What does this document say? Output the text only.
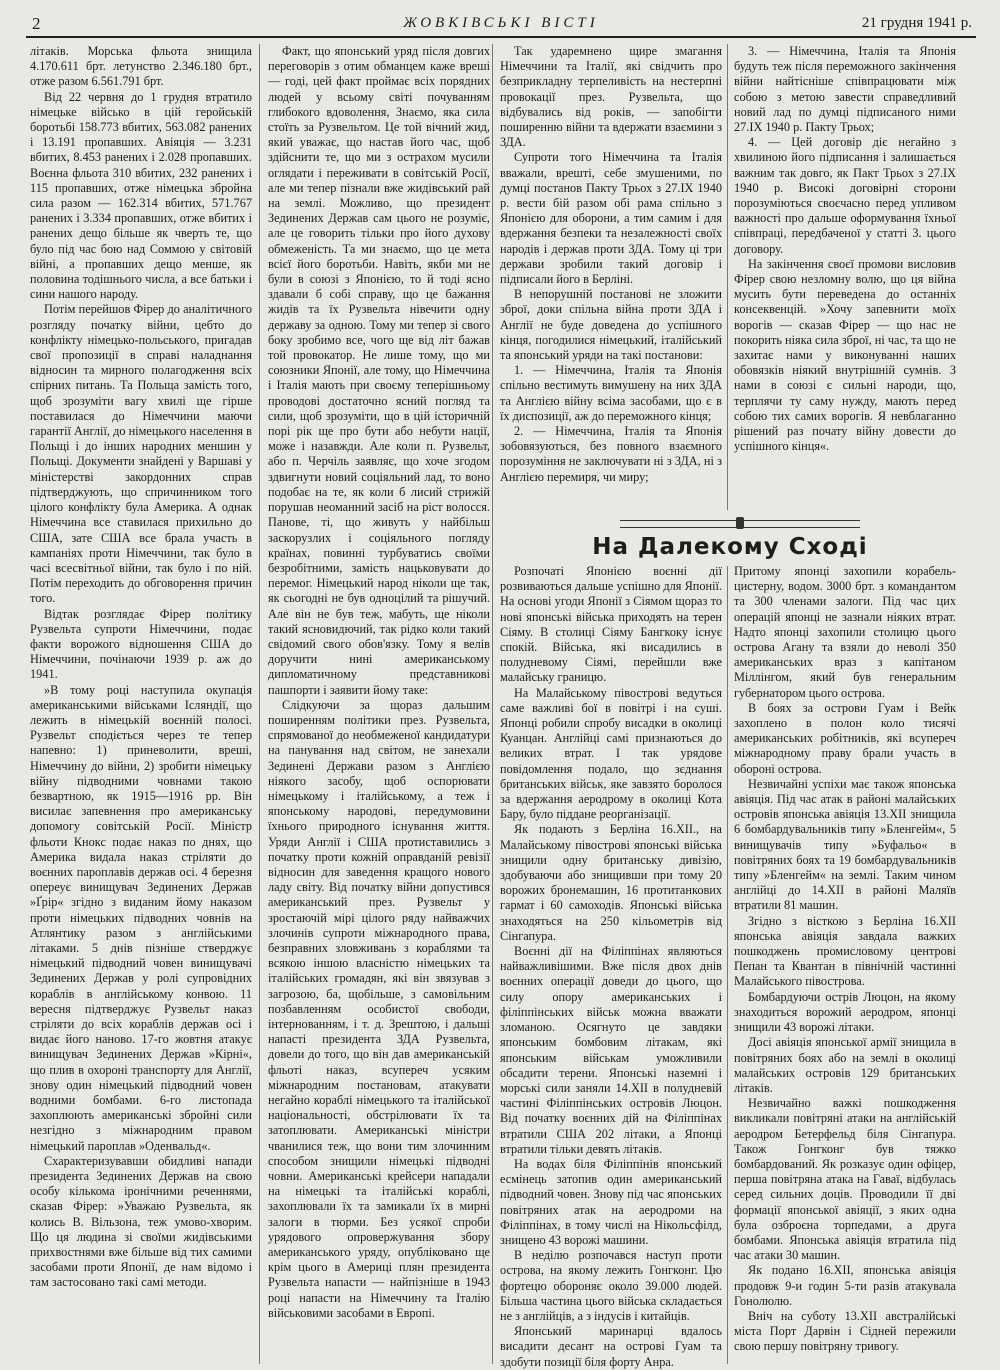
2	ЖОВКІВСЬКІ ВІСТІ	21 грудня 1941 р.

літаків. Морська фльота знищила 4.170.611 брт. летунство 2.346.180 брт., отже разом 6.561.791 брт.

Від 22 червня до 1 грудня втратило німецьке військо в цій геройській боротьбі 158.773 вбитих, 563.082 ранених і 13.191 пропавших. Авіяція — 3.231 вбитих, 8.453 ранених і 2.028 пропавших. Воєнна фльота 310 вбитих, 232 ранених і 115 пропавших, отже німецька збройна сила разом — 162.314 вбитих, 571.767 ранених і 3.334 пропавших, отже вбитих і ранених дещо більше як чверть те, що було під час бою над Соммою у світовій війні, а пропавших дещо менше, як половина тодішнього числа, а все батьки і сини нашого народу.

Потім перейшов Фірер до аналітичного розгляду початку війни, цебто до конфлікту німецько-польського, пригадав свої пропозиції в справі наладнання відносин та мирного полагодження всіх спірних питань. Та Польща замість того, щоб зрозуміти вагу хвилі ще гірше поставилася до Німеччини маючи гарантії Англії, до німецького населення в Польщі і до інших народних меншин у Польщі. Документи знайдені у Варшаві у міністерстві закордонних справ підтверджують, що спричинником того цілого конфлікту була Америка. А однак Німеччина все ставилася прихильно до США, зате США все брала участь в кампаніях проти Німеччини, так було в часі всесвітньої війни, так було і по ній. Потім переходить до обговорення причин того.

Відтак розглядає Фірер політику Рузвельта супроти Німеччини, подає факти ворожого відношення США до Німеччини, почінаючи 1939 р. аж до 1941.

»В тому році наступила окупація американськими військами Ісляндії, що лежить в німецькій воєнній полосі. Рузвельт сподіється через те тепер напевно: 1) приневолити, вреші, Німеччину до війни, 2) зробити німецьку війну підводними човнами такою безвартною, як 1915—1916 рр. Він висилає запевнення про американську допомогу совітській Росії. Міністр фльоти Кнокс подає наказ по днях, що Америка видала наказ стріляти до воєнних пароплавів держав осі. 4 березня опереує винищувач Зединених Держав »Ґрір« згідно з виданим йому наказом проти німецьких підводних човнів на Атлянтику разом з англійськими літаками. 5 днів пізніше стверджує німецький підводний човен винищувачі Зединених Держав у ролі супровідних кораблів в англійському конвою. 11 вересня підтверджує Рузвельт наказ стріляти до всіх кораблів держав осі і видає його наново. 17-го жовтня атакує винищувач Зединених Держав »Кірні«, що плив в охороні транспорту для Англії, знову один німецький підводний човен водними бомбами. 6-го листопада захоплюють американські збройні сили незгідно з міжнародним правом німецький пароплав »Оденвальд«.

Схарактеризувавши обидливі напади президента Зединених Держав на свою особу кількома іронічними реченнями, сказав Фірер: »Уважаю Рузвельта, як колись В. Вільзона, теж умово-хворим. Що ця людина зі своїми жидівськими прихвостнями вже більше від тих самими засобами проти Японії, де нам відомо і там застосовано такі самі методи.

Факт, що японський уряд після довгих переговорів з отим обманцем каже вреші — годі, цей факт проймає всіх порядних людей у всьому світі почуванням глибокого вдоволення, Знаємо, яка сила стоїть за Рузвельтом. Це той вічний жид, який уважає, що настав його час, щоб здійснити те, що ми з острахом мусили оглядати і переживати в совітській Росії, але ми тепер пізнали вже жидівський рай на землі. Можливо, що президент Зединених Держав сам цього не розуміє, але це говорить тільки про його духову обмеженість. Та ми знаємо, що це мета всієї його боротьби. Навіть, якби ми не були в союзі з Японією, то й тоді ясно здавали б собі справу, що це бажання жидів та їх Рузвельта нівечити одну державу за одною. Тому ми тепер зі свого боку зробимо все, чого ще від літ бажав той провокатор. Не лише тому, що ми союзники Японії, але тому, що Німеччина і Італія мають при своєму теперішньому проводові достаточно ясний погляд та сили, щоб зрозуміти, що в цій історичній порі рік ще про бути або небути нації, може і назавжди. Але коли п. Рузвельт, або п. Черчіль заявляє, що хоче згодом здвигнути новий соціяльний лад, то воно подобає на те, як коли б лисий стрижій порушав неоманний засіб на ріст волосся. Панове, ті, що живуть у найбільш заскорузлих і соціяльного погляду країнах, повинні турбуватись своїми безробітними, замість нацьковувати до перемог. Німецький народ ніколи ще так, як сьогодні не був одноцілий та рішучий. Але він не був теж, мабуть, ще ніколи такий ясновидючий, так рідко коли такий свідомий свого обов'язку. Тому я велів доручити нині американському дипломатичному представникові пашпорти і заявити йому таке:

Слідкуючи за щораз дальшим поширенням політики през. Рузвельта, спрямованої до необмеженої кандидатури на панування над світом, не занехали Зединені Держави разом з Англією ніякого засобу, щоб оспорювати німецькому і італійському, а теж і японському народові, передумовини їхнього природного існування життя. Уряди Англії і США протиставились з початку проти кожній оправданій ревізії відносин для заведення кращого нового ладу світу. Від початку війни допустився американський през. Рузвельт у зростаючій мірі цілого ряду найважчих злочинів супроти міжнародного права, безправних зловживань з кораблями та всякою іншою власністю німецьких та італійських громадян, які він звязував з загрозою, ба, щобільше, з самовільним позбавленням особистої свободи, інтернованням, і т. д. Зрештою, і дальші напасті президента ЗДА Рузвельта, довели до того, що він дав американській фльоті наказ, всупереч усяким міжнародним постановам, атакувати негайно кораблі німецького та італійської національності, обстрілювати їх та затоплювати. Американські міністри чванилися теж, що вони тим злочинним способом знищили німецькі підводні човни. Американські крейсери нападали на німецькі та італійські кораблі, захоплювали їх та замикали їх в мирні залоги в тюрми. Без усякої спроби урядового опровержування збору американського уряду, опубліковано ще крім цього в Америці плян президента Рузвельта напасти — найпізніше в 1943 році напасти на Німеччину та Італію військовими засобами в Европі.

Так ударемнено щире змагання Німеччини та Італії, які свідчить про безприкладну терпеливість на нестерпні провокації през. Рузвельта, що відбувались від років, — запобігти поширенню війни та вдержати взаємини з ЗДА.

Супроти того Німеччина та Італія вважали, врешті, себе змушеними, по думці постанов Пакту Трьох з 27.IX 1940 р. вести бій разом обі рама спільно з Японією для оборони, а тим самим і для вдержання безпеки та незалежності своїх народів і держав проти ЗДА. Тому ці три держави зробили такий договір і підписали його в Берліні.

В непорушній постанові не зложити зброї, доки спільна війна проти ЗДА і Англії не буде доведена до успішного кінця, погодилися німецький, італійський та японський уряди на такі постанови:

1. — Німеччина, Італія та Японія спільно вестимуть вимушену на них ЗДА та Англією війну всіма засобами, що є в їх диспозиції, аж до переможного кінця;

2. — Німеччина, Італія та Японія зобовязуються, без повного взаємного порозуміння не заключувати ні з ЗДА, ні з Англією перемиря, чи миру;

3. — Німеччина, Італія та Японія будуть теж після переможного закінчення війни найтісніше співпрацювати між собою з метою завести справедливий новий лад по думці підписаного ними 27.IX 1940 р. Пакту Трьох;

4. — Цей договір діє негайно з хвилиною його підписання і залишається важним так довго, як Пакт Трьох з 27.IX 1940 р. Високі договірні сторони порозуміються своєчасно перед упливом важності про дальше оформування їхньої співпраці, передбаченої у статті 3. цього договору.

На закінчення своєї промови висловив Фірер свою незломну волю, що ця війна мусить бути переведена до останніх консеквенцій. »Хочу запевнити моїх ворогів — сказав Фірер — що нас не покорить ніяка сила зброї, ні час, та що не захитає нами у виконуванні наших обовязків ніякий внутрішній сумнів. З нами в союзі є сильні народи, що, терплячи ту саму нужду, мають перед собою тих самих ворогів. Я невблаганно рішений раз почату війну довести до успішного кінця«.

На Далекому Сході

Розпочаті Японією воєнні дії розвиваються дальше успішно для Японії. На основі угоди Японії з Сіямом щораз то нові японські війська приходять на терен Сіяму. В столиці Сіяму Бангкоку існує спокій. Війська, які висадились в полудневому Сіямі, перейшли вже малайську границю.

На Малайському півострові ведуться саме важливі бої в повітрі і на суші. Японці робили спробу висадки в околиці Куанцан. Англійці самі признаються до великих втрат. І так урядове повідомлення подало, що зєднання британських військ, яке завзято боролося за вдержання аеродрому в околиці Кота Бару, було піддане реорганізації.

Як подають з Берліна 16.XII., на Малайському півострові японські війська знищили одну британську дивізію, здобуваючи або знищивши при тому 20 ворожих бронемашин, 16 протитанкових гармат і 60 самоходів. Японські війська знаходяться на 250 кільометрів від Сінгапура.

Воєнні дії на Філіппінах являються найважливішими. Вже після двох днів воєнних операції доведи до цього, що силу опору американських і філіппінських військ можна вважати зломаною. Осягнуто це завдяки японським бомбовим літакам, які японським військам уможливили обсадити терени. Японські наземні і морські сили заняли 14.XII в полудневій частині Філіппінських островів Люцон. Від початку воєнних дій на Філіппінах втратили США 202 літаки, а Японці втратили тільки девять літаків.

На водах біля Філіппінів японський есмінець затопив один американський підводний човен. Знову під час японських повітряних атак на аеродроми на Філіппінах, в тому числі на Нікольсфілд, знищено 43 ворожі машини.

В неділю розпочався наступ проти острова, на якому лежить Гонгконг. Цю фортецю обороняє около 39.000 людей. Більша частина цього війська складається не з англійців, а з індусів і китайців.

Японський маринарці вдалось висадити десант на острові Гуам та здобути позиції біля форту Анра.

Притому японці захопили корабель-цистерну, водом. 3000 брт. з командантом та 300 членами залоги. Під час цих операцій японці не зазнали ніяких втрат. Надто японці захопили столицю цього острова Агану та взяли до неволі 350 американських враз з капітаном Міллінгом, який був генеральним губернатором цього острова.

В боях за острови Гуам і Вейк захоплено в полон коло тисячі американських робітників, які всупереч міжнародному праву брали участь в обороні острова.

Незвичайні успіхи має також японська авіяція. Під час атак в районі малайських островів японська авіяція 13.XII знищила 6 бомбардувальників типу »Бленгейм«, 5 винищувачів типу »Буфальо« в повітряних боях та 19 бомбардувальників типу »Бленгейм« на землі. Таким чином англійці до 14.XII в районі Маляїв втратили 81 машин.

Згідно з вісткою з Берліна 16.XII японська авіяція завдала важких пошкоджень промисловому центрові Пепан та Квантан в північній частинні Малайського півострова.

Бомбардуючи острів Люцон, на якому знаходиться ворожий аеродром, японці знищили 43 ворожі літаки.

Досі авіяція японської армії знищила в повітряних боях або на землі в околиці малайських островів 129 британських літаків.

Незвичайно важкі пошкодження викликали повітряні атаки на англійській аеродром Бетерфельд біля Сінгапура. Також Гонгконг був тяжко бомбардований. Як розказує один офіцер, перша повітряна атака на Гаваї, відбулась серед сильних доців. Проводили її дві формації японської авіяції, з яких одна була озброєна торпедами, а друга бомбами. Японська авіяція втратила під час атаки 30 машин.

Як подано 16.XII, японська авіяція продовж 9-и годин 5-ти разів атакувала Гонолюлю.

Вніч на суботу 13.XII австралійські міста Порт Дарвін і Сідней пережили свою першу повітряну тривогу.
